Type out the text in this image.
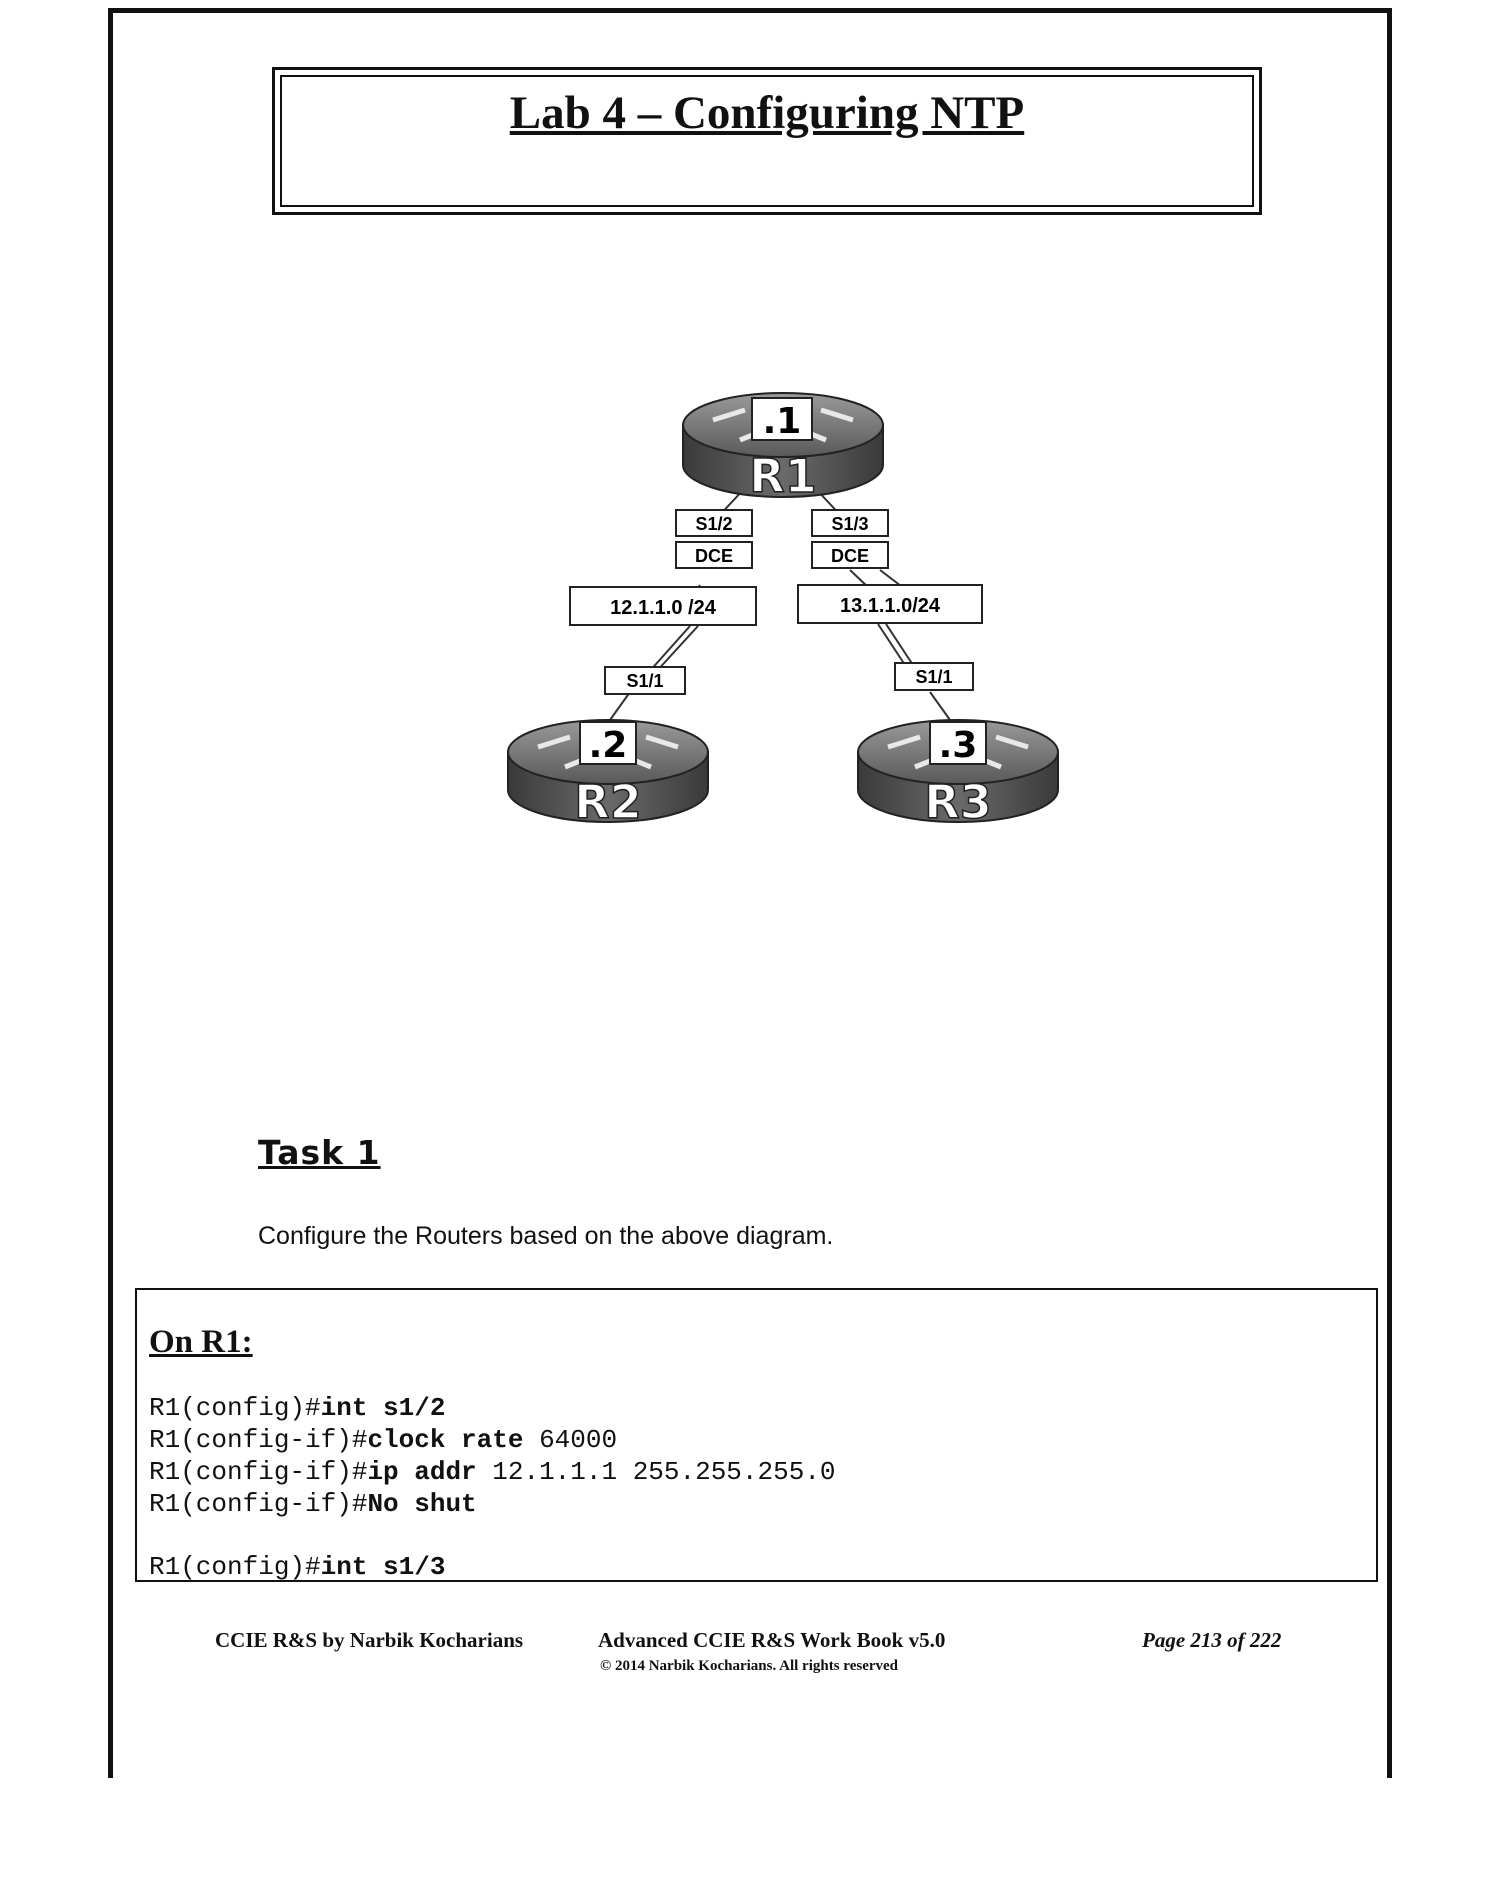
Lab 4 – Configuring NTP
.1
R1
.2
R2
.3
R3
S1/2	S1/3
DCE	DCE
12.1.1.0 /24	13.1.1.0/24
S1/1	S1/1
Task 1
Configure the Routers based on the above diagram.
On R1:
R1(config)#int s1/2
R1(config-if)#clock rate 64000
R1(config-if)#ip addr 12.1.1.1 255.255.255.0
R1(config-if)#No shut
R1(config)#int s1/3
CCIE R&S by Narbik Kocharians	Advanced CCIE R&S Work Book v5.0
© 2014 Narbik Kocharians. All rights reserved
Page 213 of 222
